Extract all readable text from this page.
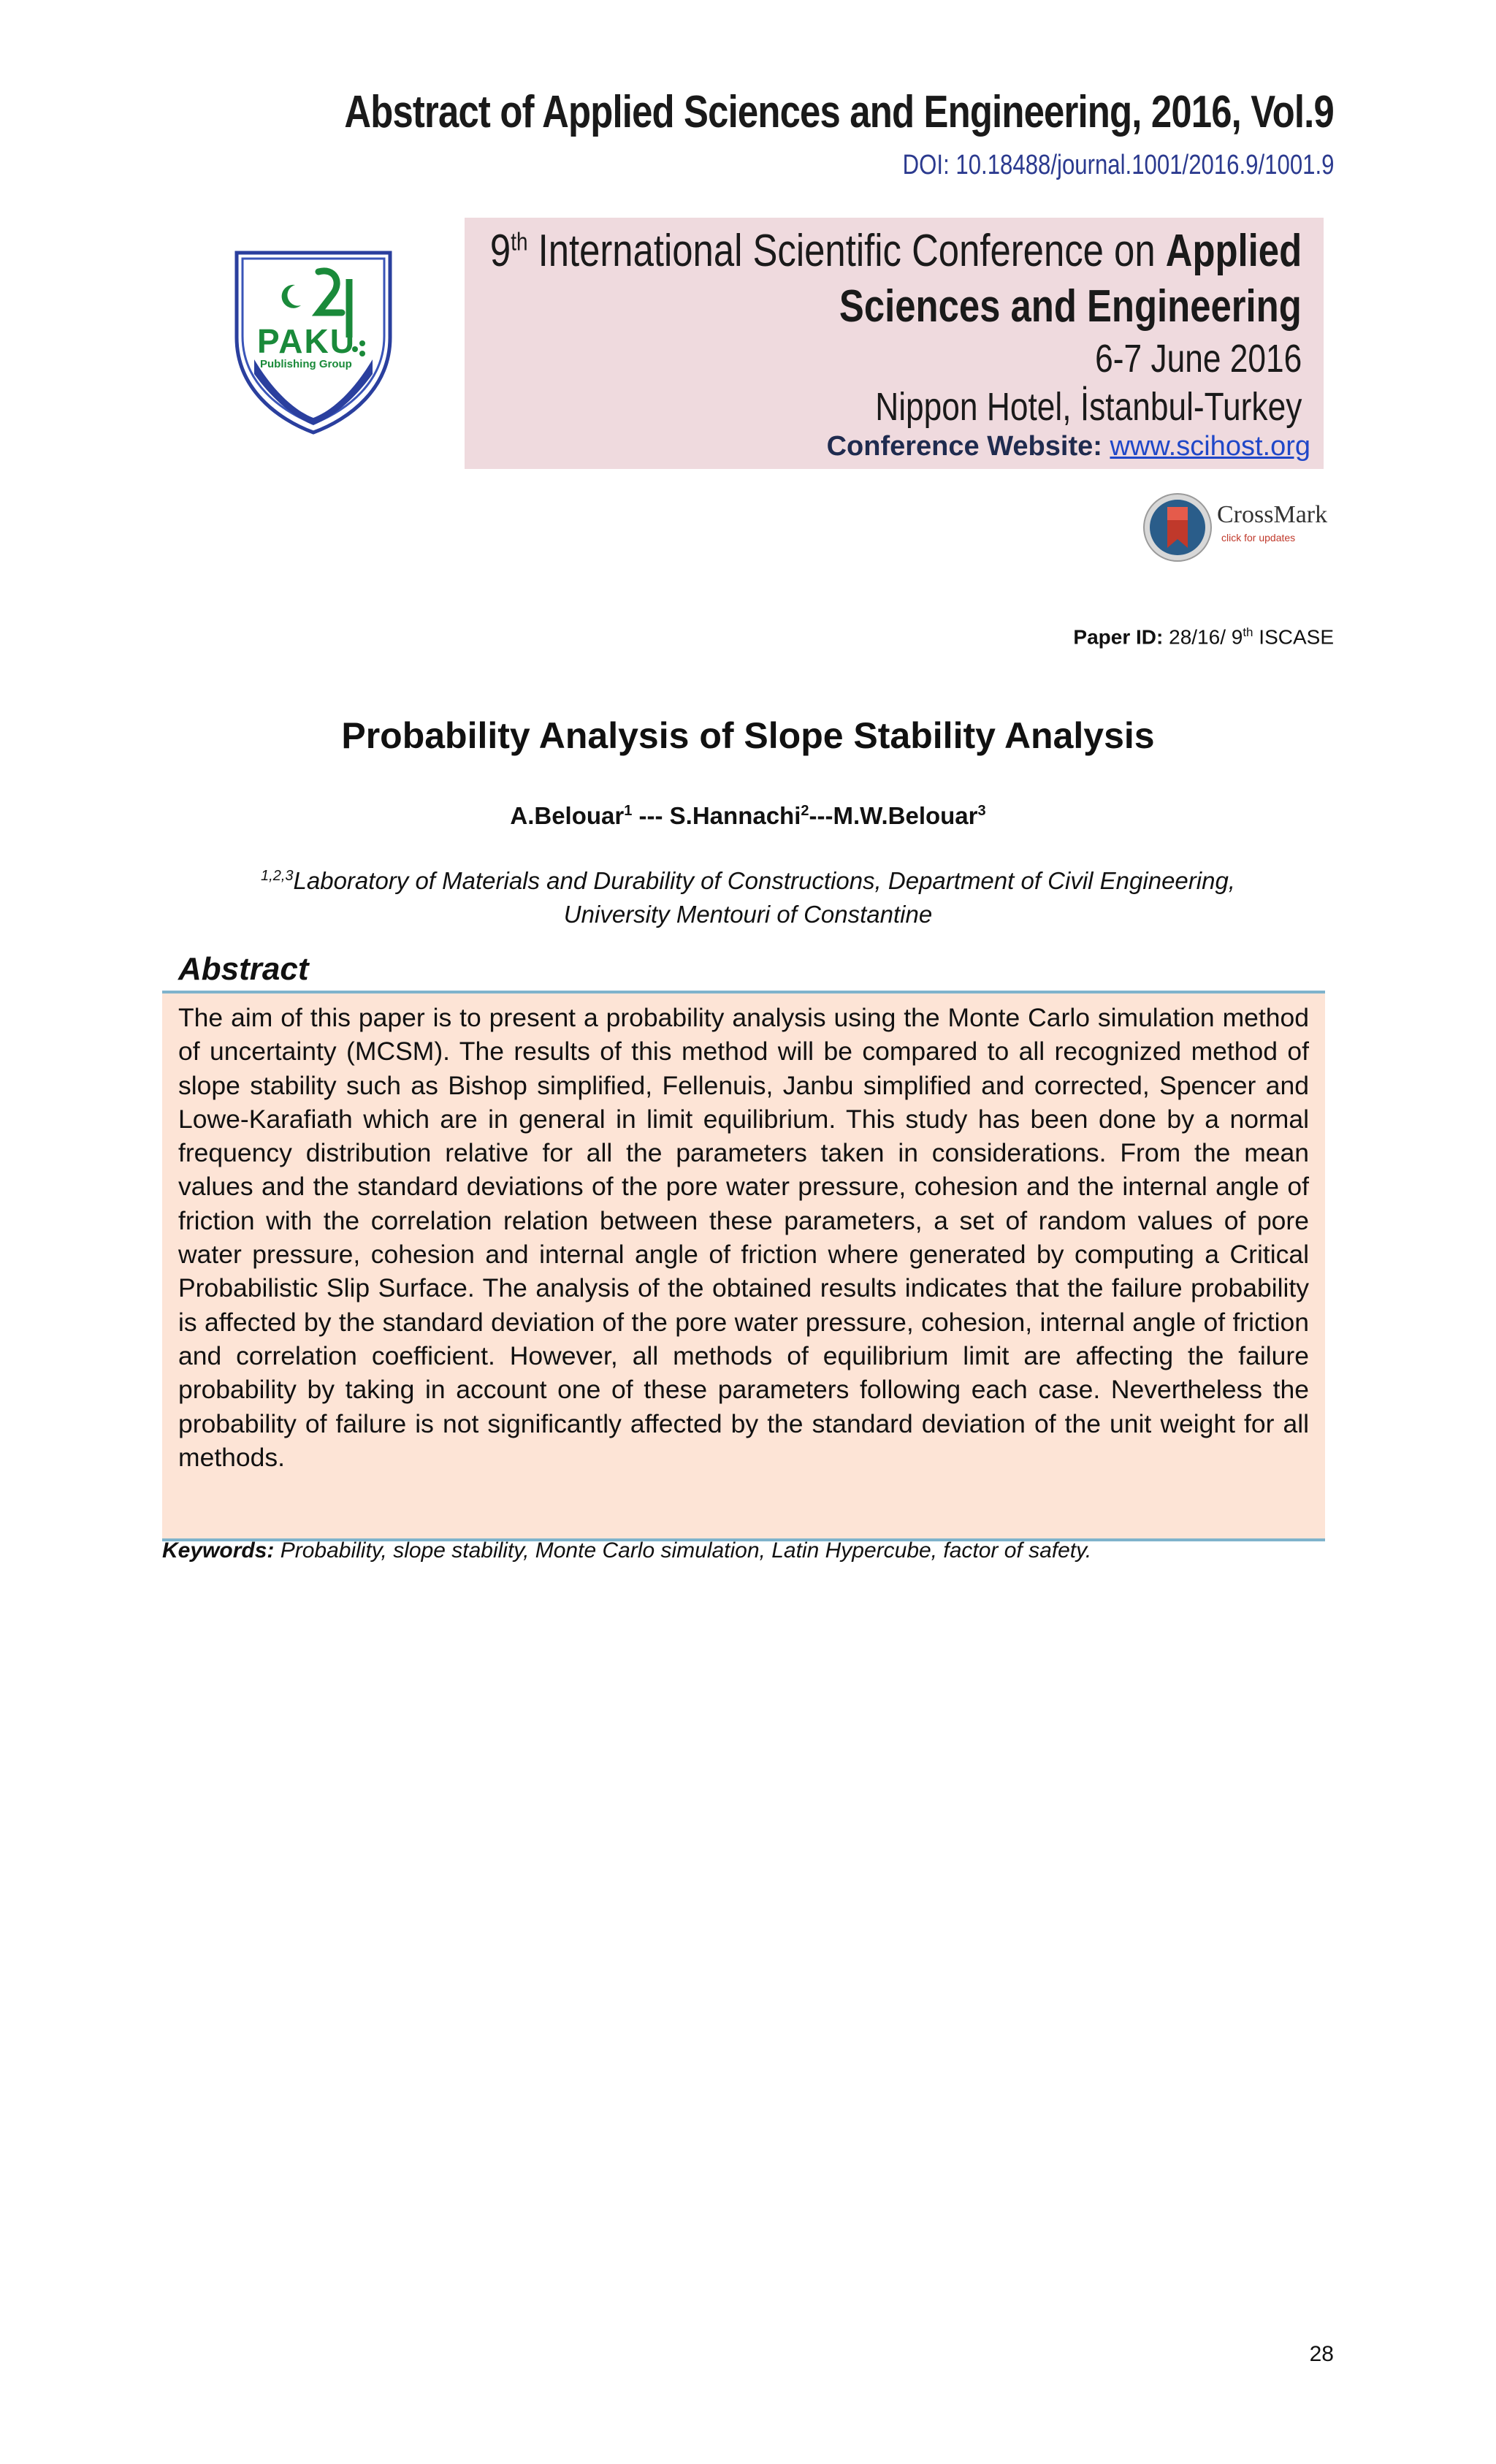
Abstract of Applied Sciences and Engineering, 2016, Vol.9
DOI: 10.18488/journal.1001/2016.9/1001.9
PAKU
Publishing Group
9th International Scientific Conference on Applied
Sciences and Engineering
6-7 June 2016
Nippon Hotel, İstanbul-Turkey
Conference Website: www.scihost.org
CrossMark
click for updates
Paper ID: 28/16/ 9th ISCASE
Probability Analysis of Slope Stability Analysis
A.Belouar$^1$ --- S.Hannachi$^2$---M.W.Belouar$^3$
$^{1,2,3}$Laboratory of Materials and Durability of Constructions, Department of Civil Engineering,
University Mentouri of Constantine
Abstract
The aim of this paper is to present a probability analysis using the Monte Carlo simulation method of uncertainty (MCSM). The results of this method will be compared to all recognized method of slope stability such as Bishop simplified, Fellenuis, Janbu simplified and corrected, Spencer and Lowe-Karafiath which are in general in limit equilibrium. This study has been done by a normal frequency distribution relative for all the parameters taken in considerations. From the mean values and the standard deviations of the pore water pressure, cohesion and the internal angle of friction with the correlation relation between these parameters, a set of random values of pore water pressure, cohesion and internal angle of friction where generated by computing a Critical Probabilistic Slip Surface. The analysis of the obtained results indicates that the failure probability is affected by the standard deviation of the pore water pressure, cohesion, internal angle of friction and correlation coefficient. However, all methods of equilibrium limit are affecting the failure probability by taking in account one of these parameters following each case. Nevertheless the probability of failure is not significantly affected by the standard deviation of the unit weight for all methods.
Keywords: Probability, slope stability, Monte Carlo simulation, Latin Hypercube, factor of safety.
28
